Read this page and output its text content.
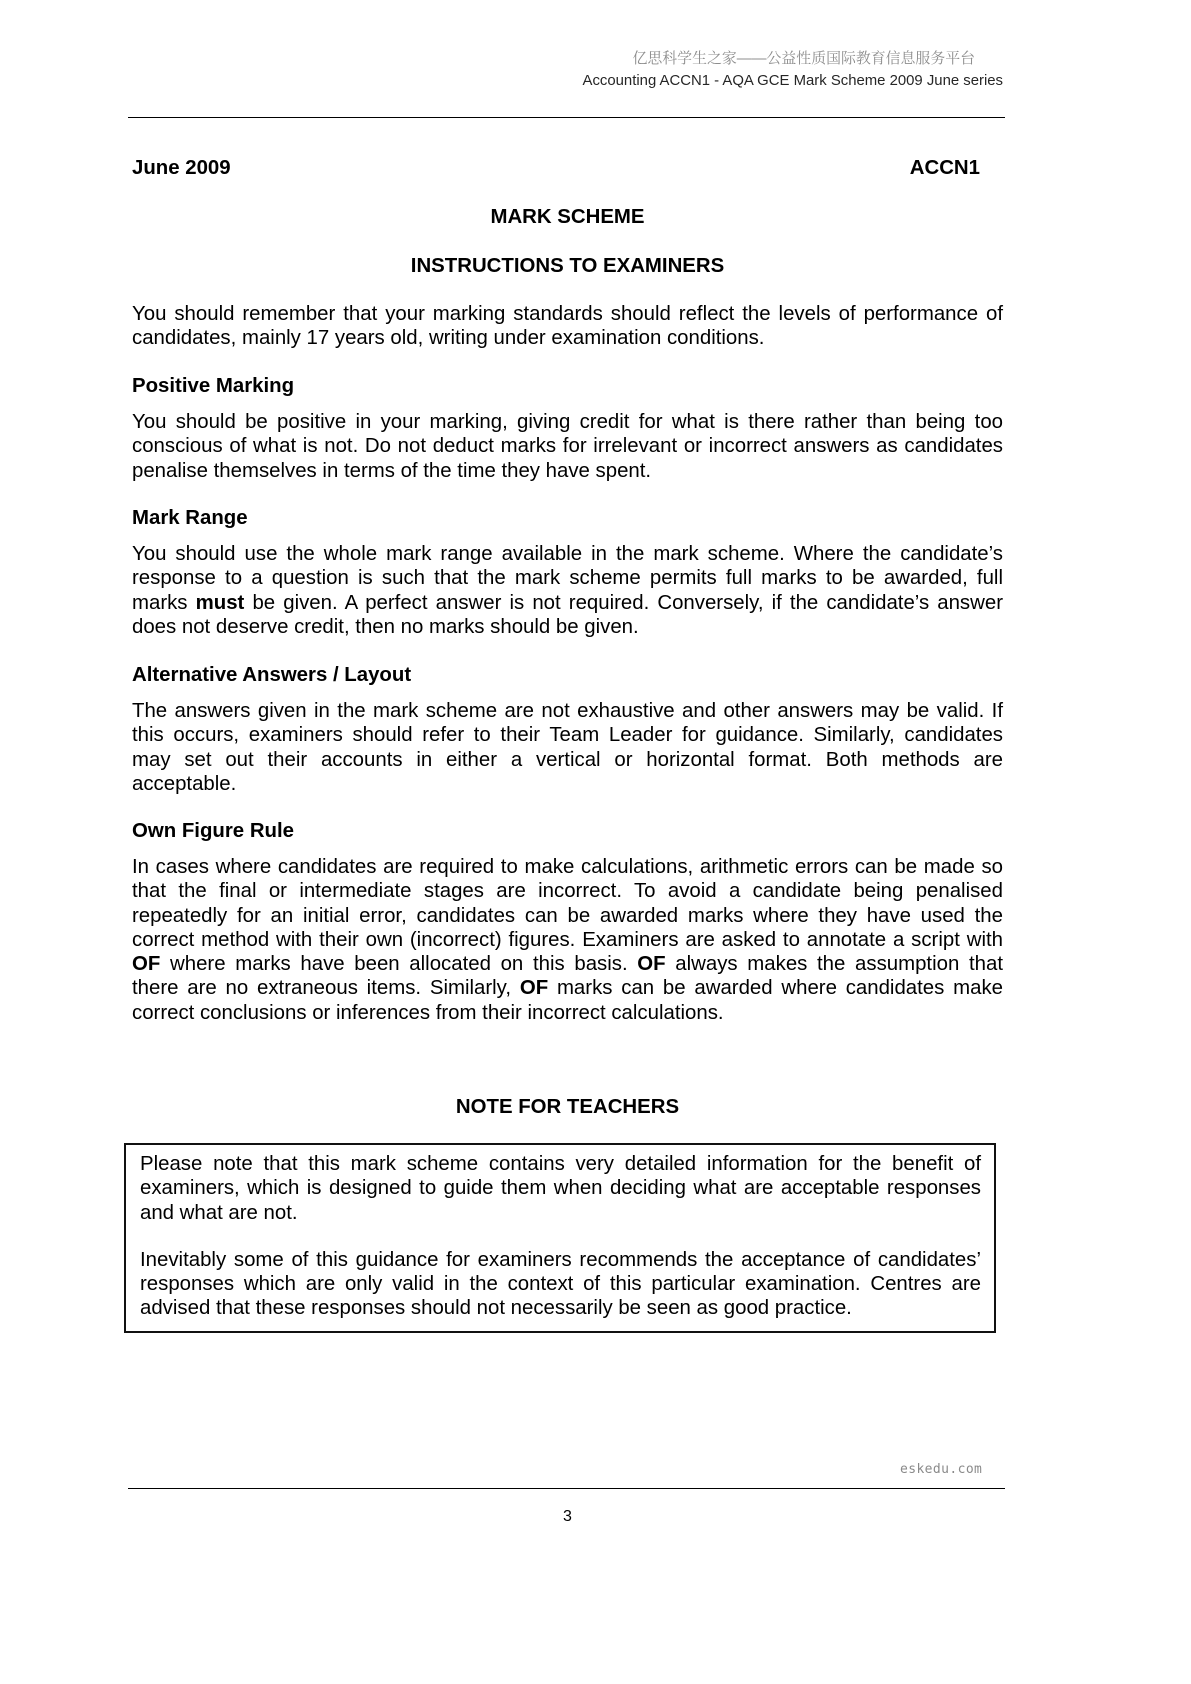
亿思科学生之家——公益性质国际教育信息服务平台
Accounting ACCN1 - AQA GCE Mark Scheme 2009 June series
June 2009	ACCN1
MARK SCHEME
INSTRUCTIONS TO EXAMINERS
You should remember that your marking standards should reflect the levels of performance of
candidates, mainly 17 years old, writing under examination conditions.
Positive Marking
You should be positive in your marking, giving credit for what is there rather than being too
conscious of what is not. Do not deduct marks for irrelevant or incorrect answers as candidates
penalise themselves in terms of the time they have spent.
Mark Range
You should use the whole mark range available in the mark scheme. Where the candidate’s
response to a question is such that the mark scheme permits full marks to be awarded, full
marks must be given. A perfect answer is not required. Conversely, if the candidate’s answer
does not deserve credit, then no marks should be given.
Alternative Answers / Layout
The answers given in the mark scheme are not exhaustive and other answers may be valid. If
this occurs, examiners should refer to their Team Leader for guidance. Similarly, candidates
may set out their accounts in either a vertical or horizontal format. Both methods are
acceptable.
Own Figure Rule
In cases where candidates are required to make calculations, arithmetic errors can be made so
that the final or intermediate stages are incorrect. To avoid a candidate being penalised
repeatedly for an initial error, candidates can be awarded marks where they have used the
correct method with their own (incorrect) figures. Examiners are asked to annotate a script with
OF where marks have been allocated on this basis. OF always makes the assumption that
there are no extraneous items. Similarly, OF marks can be awarded where candidates make
correct conclusions or inferences from their incorrect calculations.
NOTE FOR TEACHERS
Please note that this mark scheme contains very detailed information for the benefit of
examiners, which is designed to guide them when deciding what are acceptable responses
and what are not.
Inevitably some of this guidance for examiners recommends the acceptance of candidates’
responses which are only valid in the context of this particular examination. Centres are
advised that these responses should not necessarily be seen as good practice.
eskedu.com
3
